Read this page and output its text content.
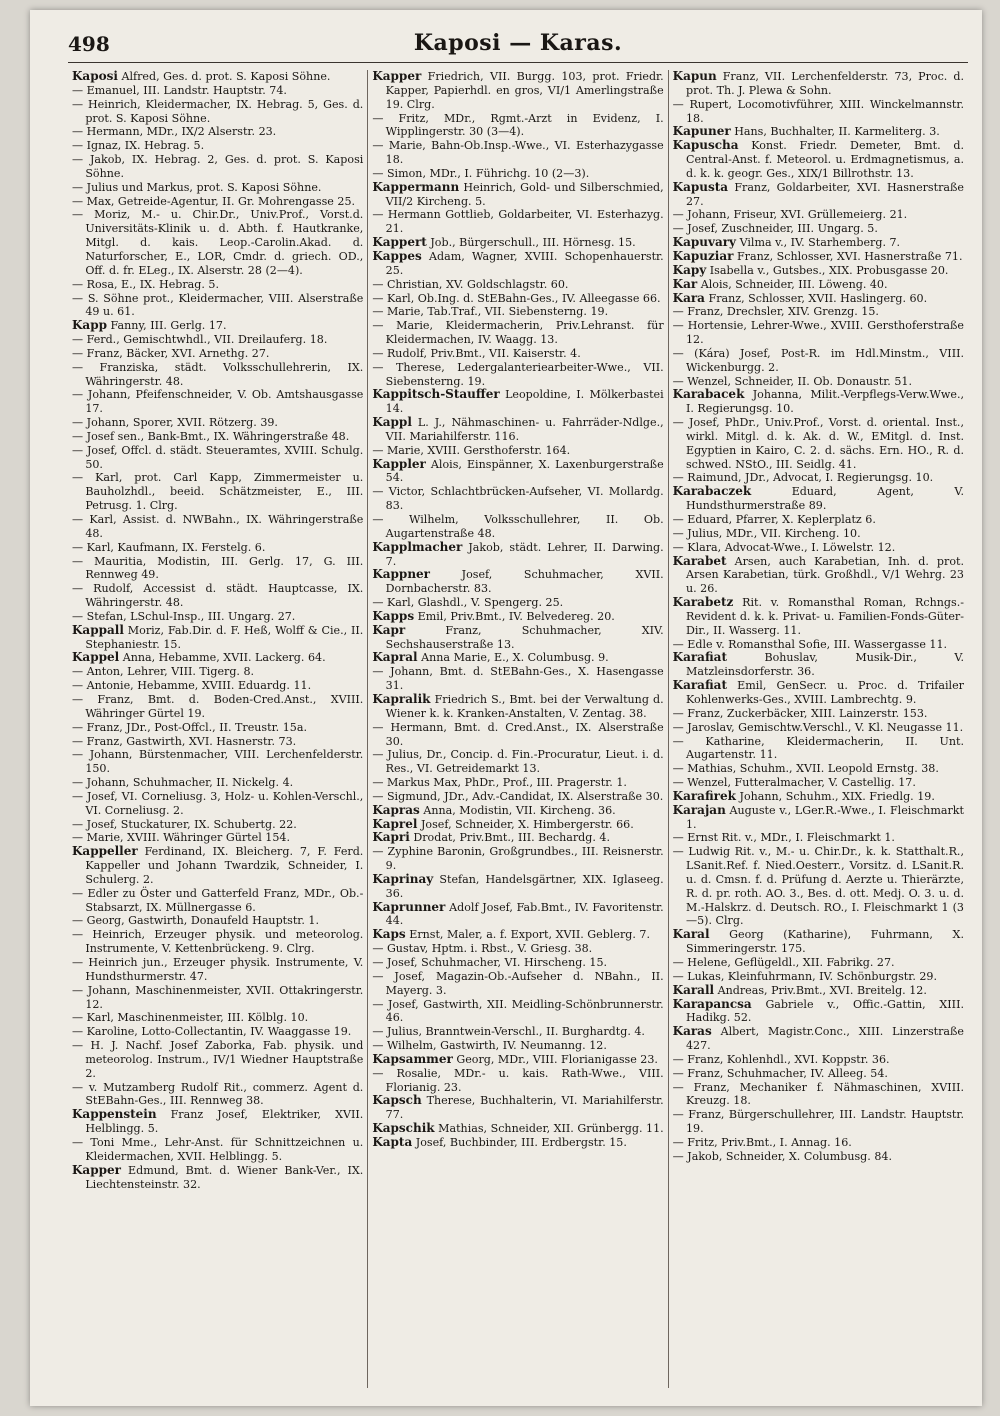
498	Kaposi — Karas.

Kaposi Alfred, Ges. d. prot. S. Kaposi Söhne.

— Emanuel, III. Landstr. Hauptstr. 74.

— Heinrich, Kleidermacher, IX. Hebrag. 5, Ges. d. prot. S. Kaposi Söhne.

— Hermann, MDr., IX/2 Alserstr. 23.

— Ignaz, IX. Hebrag. 5.

— Jakob, IX. Hebrag. 2, Ges. d. prot. S. Kaposi Söhne.

— Julius und Markus, prot. S. Kaposi Söhne.

— Max, Getreide-Agentur, II. Gr. Mohrengasse 25.

— Moriz, M.- u. Chir.Dr., Univ.Prof., Vorst.d. Universitäts-Klinik u. d. Abth. f. Hautkranke, Mitgl. d. kais. Leop.-Carolin.Akad. d. Naturforscher, E., LOR, Cmdr. d. griech. OD., Off. d. fr. ELeg., IX. Alserstr. 28 (2—4).

— Rosa, E., IX. Hebrag. 5.

— S. Söhne prot., Kleidermacher, VIII. Alserstraße 49 u. 61.

Kapp Fanny, III. Gerlg. 17.

— Ferd., Gemischtwhdl., VII. Dreilauferg. 18.

— Franz, Bäcker, XVI. Arnethg. 27.

— Franziska, städt. Volksschullehrerin, IX. Währingerstr. 48.

— Johann, Pfeifenschneider, V. Ob. Amtshausgasse 17.

— Johann, Sporer, XVII. Rötzerg. 39.

— Josef sen., Bank-Bmt., IX. Währingerstraße 48.

— Josef, Offcl. d. städt. Steueramtes, XVIII. Schulg. 50.

— Karl, prot. Carl Kapp, Zimmermeister u. Bauholzhdl., beeid. Schätzmeister, E., III. Petrusg. 1. Clrg.

— Karl, Assist. d. NWBahn., IX. Währingerstraße 48.

— Karl, Kaufmann, IX. Ferstelg. 6.

— Mauritia, Modistin, III. Gerlg. 17, G. III. Rennweg 49.

— Rudolf, Accessist d. städt. Hauptcasse, IX. Währingerstr. 48.

— Stefan, LSchul-Insp., III. Ungarg. 27.

Kappall Moriz, Fab.Dir. d. F. Heß, Wolff & Cie., II. Stephaniestr. 15.

Kappel Anna, Hebamme, XVII. Lackerg. 64.

— Anton, Lehrer, VIII. Tigerg. 8.

— Antonie, Hebamme, XVIII. Eduardg. 11.

— Franz, Bmt. d. Boden-Cred.Anst., XVIII. Währinger Gürtel 19.

— Franz, JDr., Post-Offcl., II. Treustr. 15a.

— Franz, Gastwirth, XVI. Hasnerstr. 73.

— Johann, Bürstenmacher, VIII. Lerchenfelderstr. 150.

— Johann, Schuhmacher, II. Nickelg. 4.

— Josef, VI. Corneliusg. 3, Holz- u. Kohlen-Verschl., VI. Corneliusg. 2.

— Josef, Stuckaturer, IX. Schubertg. 22.

— Marie, XVIII. Währinger Gürtel 154.

Kappeller Ferdinand, IX. Bleicherg. 7, F. Ferd. Kappeller und Johann Twardzik, Schneider, I. Schulerg. 2.

— Edler zu Öster und Gatterfeld Franz, MDr., Ob.-Stabsarzt, IX. Müllnergasse 6.

— Georg, Gastwirth, Donaufeld Hauptstr. 1.

— Heinrich, Erzeuger physik. und meteorolog. Instrumente, V. Kettenbrückeng. 9. Clrg.

— Heinrich jun., Erzeuger physik. Instrumente, V. Hundsthurmerstr. 47.

— Johann, Maschinenmeister, XVII. Ottakringerstr. 12.

— Karl, Maschinenmeister, III. Kölblg. 10.

— Karoline, Lotto-Collectantin, IV. Waaggasse 19.

— H. J. Nachf. Josef Zaborka, Fab. physik. und meteorolog. Instrum., IV/1 Wiedner Hauptstraße 2.

— v. Mutzamberg Rudolf Rit., commerz. Agent d. StEBahn-Ges., III. Rennweg 38.

Kappenstein Franz Josef, Elektriker, XVII. Helblingg. 5.

— Toni Mme., Lehr-Anst. für Schnittzeichnen u. Kleidermachen, XVII. Helblingg. 5.

Kapper Edmund, Bmt. d. Wiener Bank-Ver., IX. Liechtensteinstr. 32.

Kapper Friedrich, VII. Burgg. 103, prot. Friedr. Kapper, Papierhdl. en gros, VI/1 Amerlingstraße 19. Clrg.

— Fritz, MDr., Rgmt.-Arzt in Evidenz, I. Wipplingerstr. 30 (3—4).

— Marie, Bahn-Ob.Insp.-Wwe., VI. Esterhazygasse 18.

— Simon, MDr., I. Führichg. 10 (2—3).

Kappermann Heinrich, Gold- und Silberschmied, VII/2 Kircheng. 5.

— Hermann Gottlieb, Goldarbeiter, VI. Esterhazyg. 21.

Kappert Job., Bürgerschull., III. Hörnesg. 15.

Kappes Adam, Wagner, XVIII. Schopenhauerstr. 25.

— Christian, XV. Goldschlagstr. 60.

— Karl, Ob.Ing. d. StEBahn-Ges., IV. Alleegasse 66.

— Marie, Tab.Traf., VII. Siebensterng. 19.

— Marie, Kleidermacherin, Priv.Lehranst. für Kleidermachen, IV. Waagg. 13.

— Rudolf, Priv.Bmt., VII. Kaiserstr. 4.

— Therese, Ledergalanteriearbeiter-Wwe., VII. Siebensterng. 19.

Kappitsch-Stauffer Leopoldine, I. Mölkerbastei 14.

Kappl L. J., Nähmaschinen- u. Fahrräder-Ndlge., VII. Mariahilferstr. 116.

— Marie, XVIII. Gersthoferstr. 164.

Kappler Alois, Einspänner, X. Laxenburgerstraße 54.

— Victor, Schlachtbrücken-Aufseher, VI. Mollardg. 83.

— Wilhelm, Volksschullehrer, II. Ob. Augartenstraße 48.

Kapplmacher Jakob, städt. Lehrer, II. Darwing. 7.

Kappner	Josef, Schuhmacher, XVII. Dornbacherstr. 83.

— Karl, Glashdl., V. Spengerg. 25.

Kapps Emil, Priv.Bmt., IV. Belvedereg. 20.

Kapr	Franz, Schuhmacher, XIV. Sechshauserstraße 13.

Kapral Anna Marie, E., X. Columbusg. 9.

— Johann, Bmt. d. StEBahn-Ges., X. Hasengasse 31.

Kapralik Friedrich S., Bmt. bei der Verwaltung d. Wiener k. k. Kranken-Anstalten, V. Zentag. 38.

— Hermann, Bmt. d. Cred.Anst., IX. Alserstraße 30.

— Julius, Dr., Concip. d. Fin.-Procuratur, Lieut. i. d. Res., VI. Getreidemarkt 13.

— Markus Max, PhDr., Prof., III. Pragerstr. 1.

— Sigmund, JDr., Adv.-Candidat, IX. Alserstraße 30.

Kapras Anna, Modistin, VII. Kircheng. 36.

Kaprel Josef, Schneider, X. Himbergerstr. 66.

Kapri Drodat, Priv.Bmt., III. Bechardg. 4.

— Zyphine Baronin, Großgrundbes., III. Reisnerstr. 9.

Kaprinay Stefan, Handelsgärtner, XIX. Iglaseeg. 36.

Kaprunner Adolf Josef, Fab.Bmt., IV. Favoritenstr. 44.

Kaps Ernst, Maler, a. f. Export, XVII. Geblerg. 7.

— Gustav, Hptm. i. Rbst., V. Griesg. 38.

— Josef, Schuhmacher, VI. Hirscheng. 15.

— Josef, Magazin-Ob.-Aufseher d. NBahn., II. Mayerg. 3.

— Josef, Gastwirth, XII. Meidling-Schönbrunnerstr. 46.

— Julius, Branntwein-Verschl., II. Burghardtg. 4.

— Wilhelm, Gastwirth, IV. Neumanng. 12.

Kapsammer Georg, MDr., VIII. Florianigasse 23.

— Rosalie, MDr.- u. kais. Rath-Wwe., VIII. Florianig. 23.

Kapsch Therese, Buchhalterin, VI. Mariahilferstr. 77.

Kapschik Mathias, Schneider, XII. Grünbergg. 11.

Kapta Josef, Buchbinder, III. Erdbergstr. 15.

Kapun Franz, VII. Lerchenfelderstr. 73, Proc. d. prot. Th. J. Plewa & Sohn.

— Rupert, Locomotivführer, XIII. Winckelmannstr. 18.

Kapuner Hans, Buchhalter, II. Karmeliterg. 3.

Kapuscha Konst. Friedr. Demeter, Bmt. d. Central-Anst. f. Meteorol. u. Erdmagnetismus, a. d. k. k. geogr. Ges., XIX/1 Billrothstr. 13.

Kapusta Franz, Goldarbeiter, XVI. Hasnerstraße 27.

— Johann, Friseur, XVI. Grüllemeierg. 21.

— Josef, Zuschneider, III. Ungarg. 5.

Kapuvary Vilma v., IV. Starhemberg. 7.

Kapuziar Franz, Schlosser, XVI. Hasnerstraße 71.

Kapy Isabella v., Gutsbes., XIX. Probusgasse 20.

Kar Alois, Schneider, III. Löweng. 40.

Kara Franz, Schlosser, XVII. Haslingerg. 60.

— Franz, Drechsler, XIV. Grenzg. 15.

— Hortensie, Lehrer-Wwe., XVIII. Gersthoferstraße 12.

— (Kára) Josef, Post-R. im Hdl.Minstm., VIII. Wickenburgg. 2.

— Wenzel, Schneider, II. Ob. Donaustr. 51.

Karabacek Johanna, Milit.-Verpflegs-Verw.Wwe., I. Regierungsg. 10.

— Josef, PhDr., Univ.Prof., Vorst. d. oriental. Inst., wirkl. Mitgl. d. k. Ak. d. W., EMitgl. d. Inst. Egyptien in Kairo, C. 2. d. sächs. Ern. HO., R. d. schwed. NStO., III. Seidlg. 41.

— Raimund, JDr., Advocat, I. Regierungsg. 10.

Karabaczek	Eduard, Agent, V. Hundsthurmerstraße 89.

— Eduard, Pfarrer, X. Keplerplatz 6.

— Julius, MDr., VII. Kircheng. 10.

— Klara, Advocat-Wwe., I. Löwelstr. 12.

Karabet Arsen, auch Karabetian, Inh. d. prot. Arsen Karabetian, türk. Großhdl., V/1 Wehrg. 23 u. 26.

Karabetz Rit. v. Romansthal Roman, Rchngs.-Revident d. k. k. Privat- u. Familien-Fonds-Güter-Dir., II. Wasserg. 11.

— Edle v. Romansthal Sofie, III. Wassergasse 11.

Karafiat	Bohuslav, Musik-Dir., V. Matzleinsdorferstr. 36.

Karafiat Emil, GenSecr. u. Proc. d. Trifailer Kohlenwerks-Ges., XVIII. Lambrechtg. 9.

— Franz, Zuckerbäcker, XIII. Lainzerstr. 153.

— Jaroslav, Gemischtw.Verschl., V. Kl. Neugasse 11.

— Katharine, Kleidermacherin, II. Unt. Augartenstr. 11.

— Mathias, Schuhm., XVII. Leopold Ernstg. 38.

— Wenzel, Futteralmacher, V. Castellig. 17.

Karafirek Johann, Schuhm., XIX. Friedlg. 19.

Karajan Auguste v., LGer.R.-Wwe., I. Fleischmarkt 1.

— Ernst Rit. v., MDr., I. Fleischmarkt 1.

— Ludwig Rit. v., M.- u. Chir.Dr., k. k. Statthalt.R., LSanit.Ref. f. Nied.Oesterr., Vorsitz. d. LSanit.R. u. d. Cmsn. f. d. Prüfung d. Aerzte u. Thierärzte, R. d. pr. roth. AO. 3., Bes. d. ott. Medj. O. 3. u. d. M.-Halskrz. d. Deutsch. RO., I. Fleischmarkt 1 (3—5). Clrg.

Karal Georg (Katharine), Fuhrmann, X. Simmeringerstr. 175.

— Helene, Geflügeldl., XII. Fabrikg. 27.

— Lukas, Kleinfuhrmann, IV. Schönburgstr. 29.

Karall Andreas, Priv.Bmt., XVI. Breitelg. 12.

Karapancsa Gabriele v., Offic.-Gattin, XIII. Hadikg. 52.

Karas Albert, Magistr.Conc., XIII. Linzerstraße 427.

— Franz, Kohlenhdl., XVI. Koppstr. 36.

— Franz, Schuhmacher, IV. Alleeg. 54.

— Franz, Mechaniker f. Nähmaschinen, XVIII. Kreuzg. 18.

— Franz, Bürgerschullehrer, III. Landstr. Hauptstr. 19.

— Fritz, Priv.Bmt., I. Annag. 16.

— Jakob, Schneider, X. Columbusg. 84.
